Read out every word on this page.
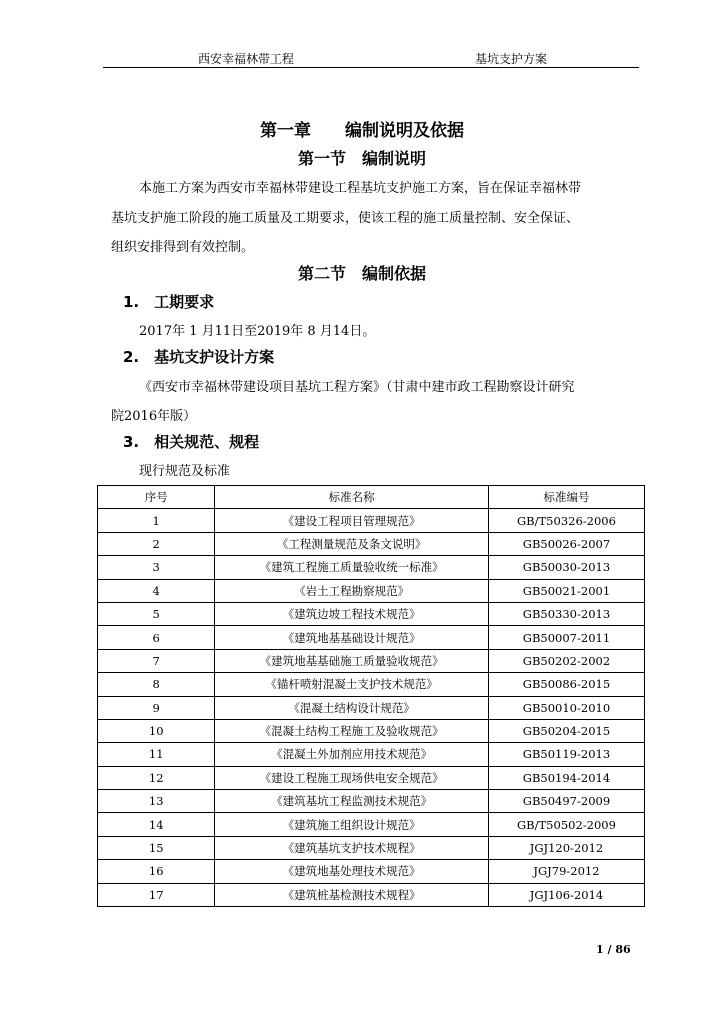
西安幸福林带工程	基坑支护方案
第一章　　编制说明及依据
第一节　编制说明
本施工方案为西安市幸福林带建设工程基坑支护施工方案，旨在保证幸福林带
基坑支护施工阶段的施工质量及工期要求，使该工程的施工质量控制、安全保证、
组织安排得到有效控制。
第二节　编制依据
1.　工期要求
2017年 1 月11日至2019年 8 月14日。
2.　基坑支护设计方案
《西安市幸福林带建设项目基坑工程方案》（甘肃中建市政工程勘察设计研究
院2016年版）
3.　相关规范、规程
现行规范及标准
序号	标准名称	标准编号
1	《建设工程项目管理规范》	GB/T50326-2006
2	《工程测量规范及条文说明》	GB50026-2007
3	《建筑工程施工质量验收统一标准》	GB50030-2013
4	《岩土工程勘察规范》	GB50021-2001
5	《建筑边坡工程技术规范》	GB50330-2013
6	《建筑地基基础设计规范》	GB50007-2011
7	《建筑地基基础施工质量验收规范》	GB50202-2002
8	《锚杆喷射混凝土支护技术规范》	GB50086-2015
9	《混凝土结构设计规范》	GB50010-2010
10	《混凝土结构工程施工及验收规范》	GB50204-2015
11	《混凝土外加剂应用技术规范》	GB50119-2013
12	《建设工程施工现场供电安全规范》	GB50194-2014
13	《建筑基坑工程监测技术规范》	GB50497-2009
14	《建筑施工组织设计规范》	GB/T50502-2009
15	《建筑基坑支护技术规程》	JGJ120-2012
16	《建筑地基处理技术规范》	JGJ79-2012
17	《建筑桩基检测技术规程》	JGJ106-2014
1 / 86
